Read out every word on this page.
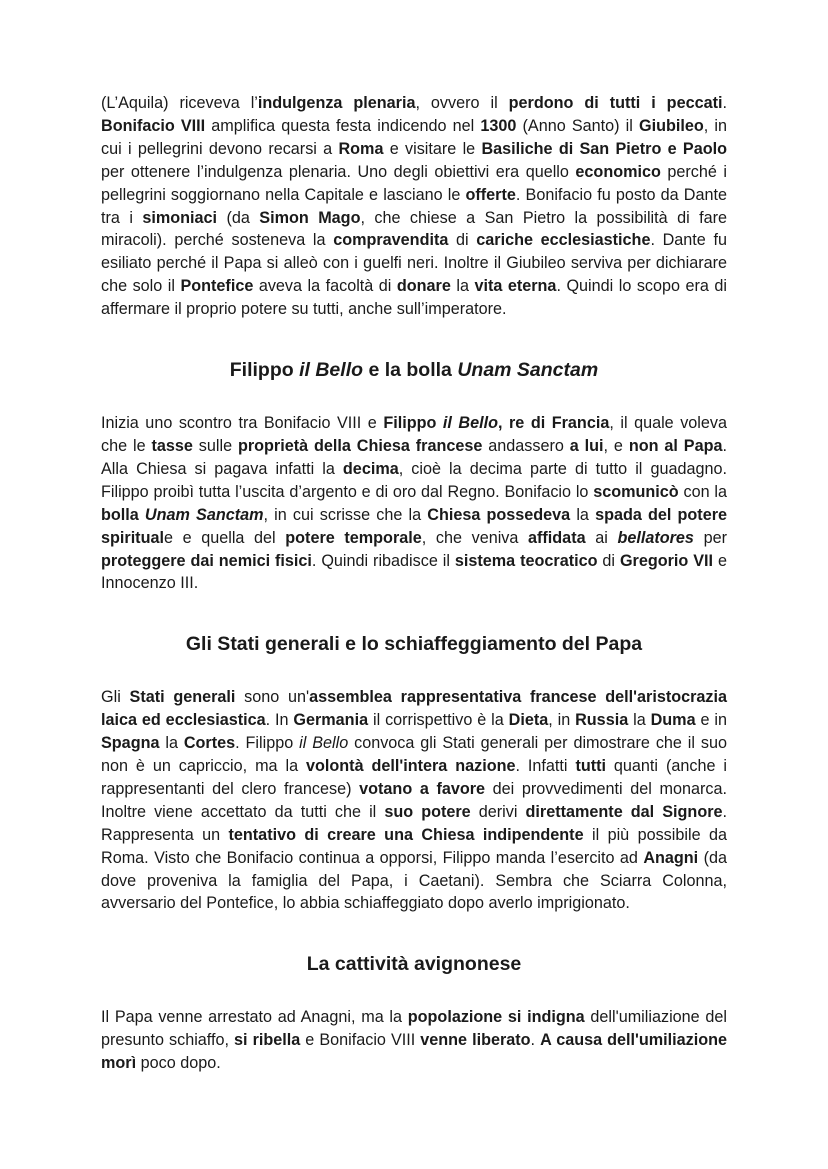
(L’Aquila) riceveva l’indulgenza plenaria, ovvero il perdono di tutti i peccati. Bonifacio VIII amplifica questa festa indicendo nel 1300 (Anno Santo) il Giubileo, in cui i pellegrini devono recarsi a Roma e visitare le Basiliche di San Pietro e Paolo per ottenere l’indulgenza plenaria. Uno degli obiettivi era quello economico perché i pellegrini soggiornano nella Capitale e lasciano le offerte. Bonifacio fu posto da Dante tra i simoniaci (da Simon Mago, che chiese a San Pietro la possibilità di fare miracoli). perché sosteneva la compravendita di cariche ecclesiastiche. Dante fu esiliato perché il Papa si alleò con i guelfi neri. Inoltre il Giubileo serviva per dichiarare che solo il Pontefice aveva la facoltà di donare la vita eterna. Quindi lo scopo era di affermare il proprio potere su tutti, anche sull’imperatore.

Filippo il Bello e la bolla Unam Sanctam

Inizia uno scontro tra Bonifacio VIII e Filippo il Bello, re di Francia, il quale voleva che le tasse sulle proprietà della Chiesa francese andassero a lui, e non al Papa. Alla Chiesa si pagava infatti la decima, cioè la decima parte di tutto il guadagno. Filippo proibì tutta l’uscita d’argento e di oro dal Regno. Bonifacio lo scomunicò con la bolla Unam Sanctam, in cui scrisse che la Chiesa possedeva la spada del potere spirituale e quella del potere temporale, che veniva affidata ai bellatores per proteggere dai nemici fisici. Quindi ribadisce il sistema teocratico di Gregorio VII e Innocenzo III.

Gli Stati generali e lo schiaffeggiamento del Papa

Gli Stati generali sono un'assemblea rappresentativa francese dell'aristocrazia laica ed ecclesiastica. In Germania il corrispettivo è la Dieta, in Russia la Duma e in Spagna la Cortes. Filippo il Bello convoca gli Stati generali per dimostrare che il suo non è un capriccio, ma la volontà dell'intera nazione. Infatti tutti quanti (anche i rappresentanti del clero francese) votano a favore dei provvedimenti del monarca. Inoltre viene accettato da tutti che il suo potere derivi direttamente dal Signore. Rappresenta un tentativo di creare una Chiesa indipendente il più possibile da Roma. Visto che Bonifacio continua a opporsi, Filippo manda l’esercito ad Anagni (da dove proveniva la famiglia del Papa, i Caetani). Sembra che Sciarra Colonna, avversario del Pontefice, lo abbia schiaffeggiato dopo averlo imprigionato.

La cattività avignonese

Il Papa venne arrestato ad Anagni, ma la popolazione si indigna dell'umiliazione del presunto schiaffo, si ribella e Bonifacio VIII venne liberato. A causa dell'umiliazione morì poco dopo.
